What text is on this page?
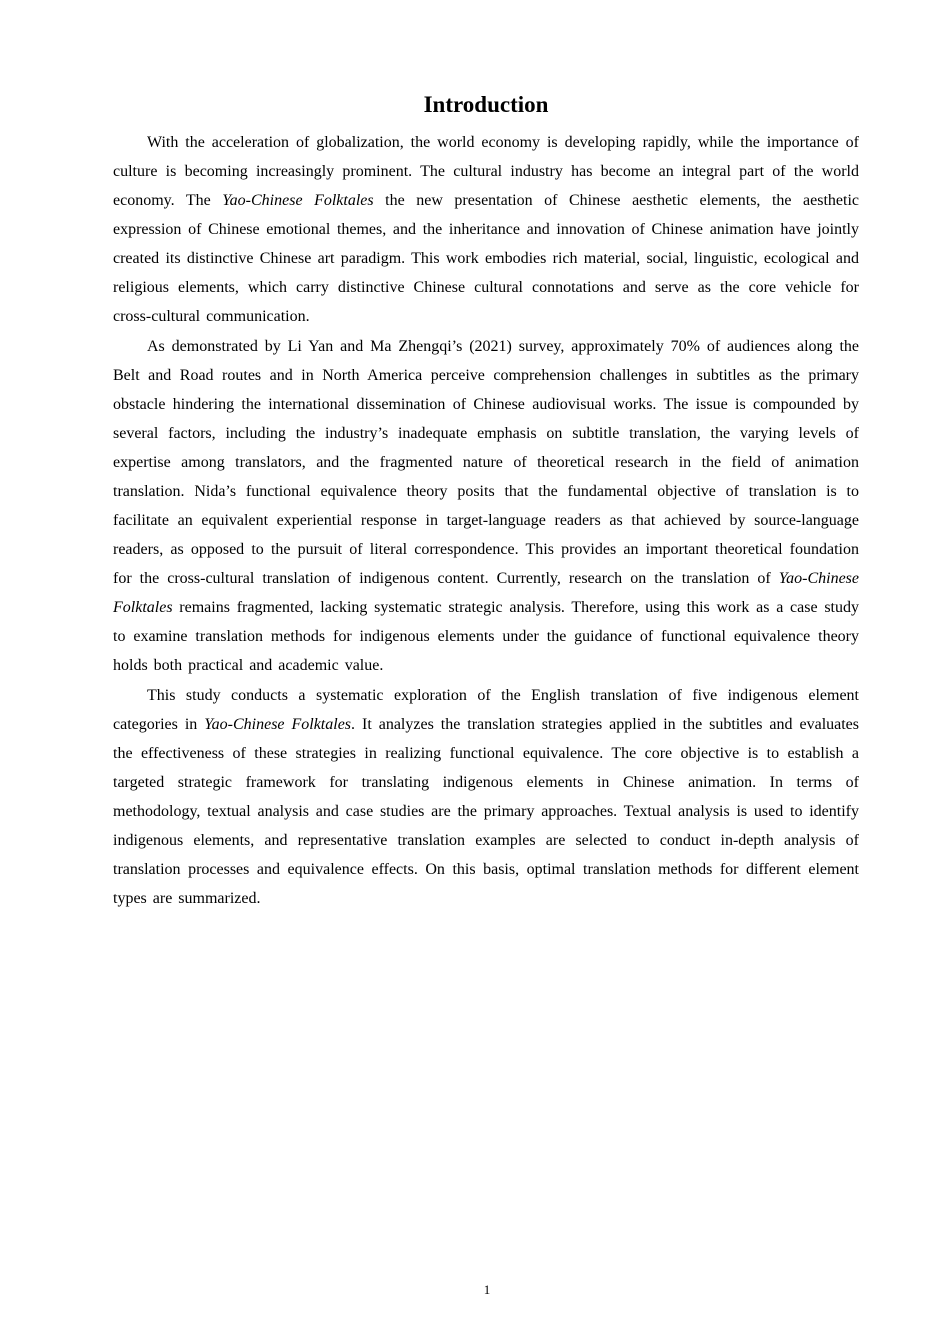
Introduction

With the acceleration of globalization, the world economy is developing rapidly, while the importance of culture is becoming increasingly prominent. The cultural industry has become an integral part of the world economy. The Yao-Chinese Folktales the new presentation of Chinese aesthetic elements, the aesthetic expression of Chinese emotional themes, and the inheritance and innovation of Chinese animation have jointly created its distinctive Chinese art paradigm. This work embodies rich material, social, linguistic, ecological and religious elements, which carry distinctive Chinese cultural connotations and serve as the core vehicle for cross-cultural communication.

As demonstrated by Li Yan and Ma Zhengqi’s (2021) survey, approximately 70% of audiences along the Belt and Road routes and in North America perceive comprehension challenges in subtitles as the primary obstacle hindering the international dissemination of Chinese audiovisual works. The issue is compounded by several factors, including the industry’s inadequate emphasis on subtitle translation, the varying levels of expertise among translators, and the fragmented nature of theoretical research in the field of animation translation. Nida’s functional equivalence theory posits that the fundamental objective of translation is to facilitate an equivalent experiential response in target-language readers as that achieved by source-language readers, as opposed to the pursuit of literal correspondence. This provides an important theoretical foundation for the cross-cultural translation of indigenous content. Currently, research on the translation of Yao-Chinese Folktales remains fragmented, lacking systematic strategic analysis. Therefore, using this work as a case study to examine translation methods for indigenous elements under the guidance of functional equivalence theory holds both practical and academic value.

This study conducts a systematic exploration of the English translation of five indigenous element categories in Yao-Chinese Folktales. It analyzes the translation strategies applied in the subtitles and evaluates the effectiveness of these strategies in realizing functional equivalence. The core objective is to establish a targeted strategic framework for translating indigenous elements in Chinese animation. In terms of methodology, textual analysis and case studies are the primary approaches. Textual analysis is used to identify indigenous elements, and representative translation examples are selected to conduct in-depth analysis of translation processes and equivalence effects. On this basis, optimal translation methods for different element types are summarized.

1
